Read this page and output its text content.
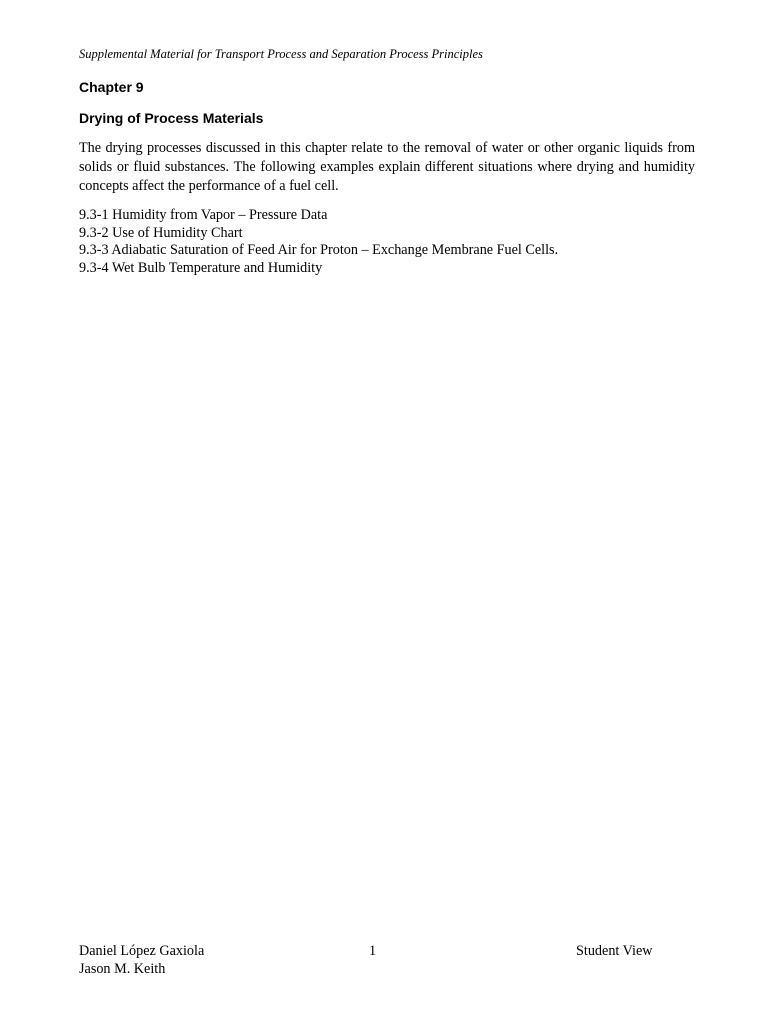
Supplemental Material for Transport Process and Separation Process Principles
Chapter 9
Drying of Process Materials

The drying processes discussed in this chapter relate to the removal of water or other organic liquids from solids or fluid substances. The following examples explain different situations where drying and humidity concepts affect the performance of a fuel cell.

9.3-1 Humidity from Vapor – Pressure Data
9.3-2 Use of Humidity Chart
9.3-3 Adiabatic Saturation of Feed Air for Proton – Exchange Membrane Fuel Cells.
9.3-4 Wet Bulb Temperature and Humidity
Daniel López Gaxiola
Jason M. Keith
1	Student View
